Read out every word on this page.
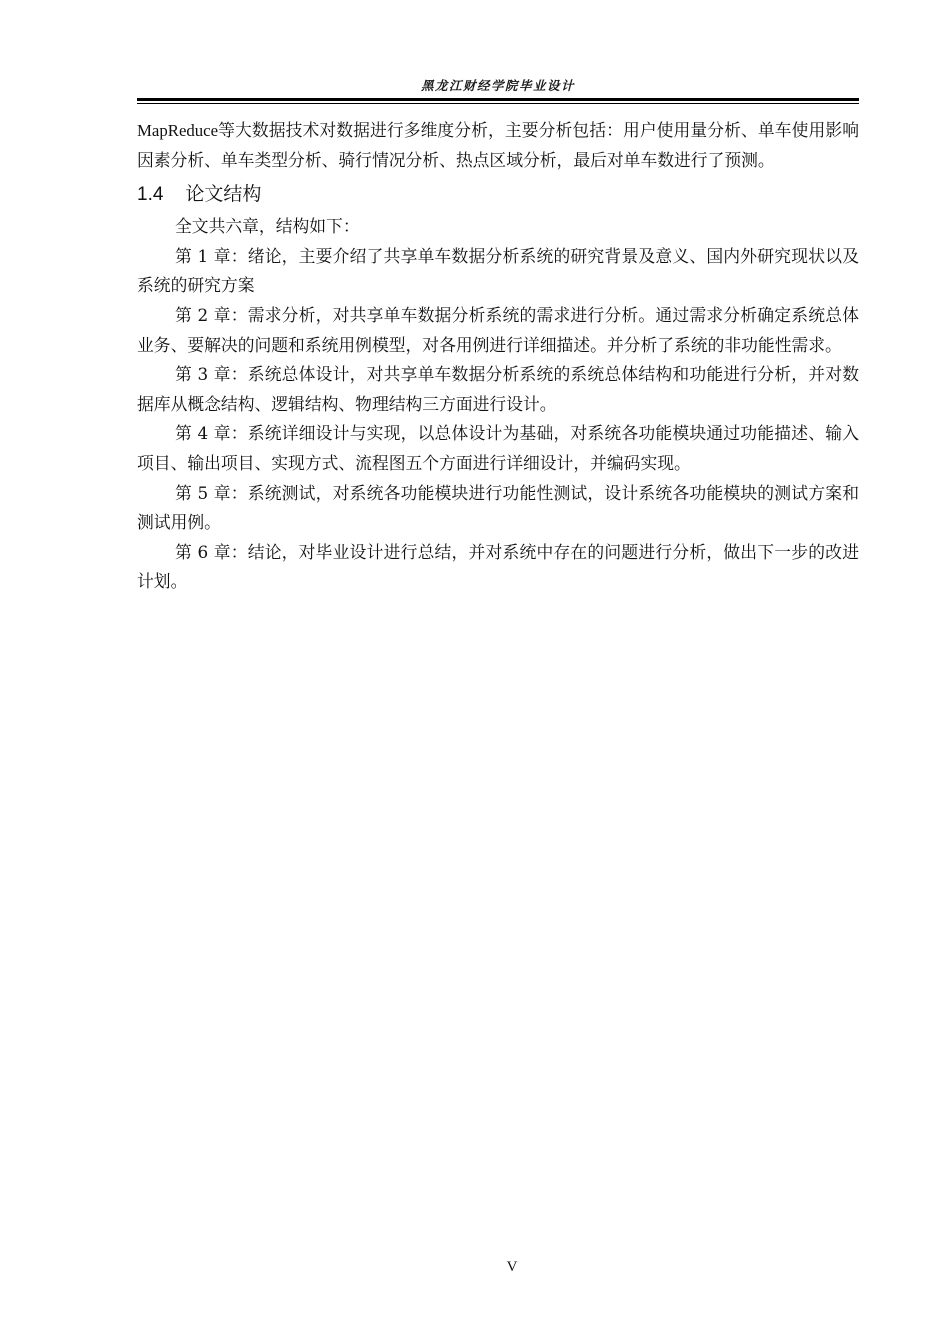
黑龙江财经学院毕业设计

MapReduce等大数据技术对数据进行多维度分析，主要分析包括：用户使用量分析、单车使用影响因素分析、单车类型分析、骑行情况分析、热点区域分析，最后对单车数进行了预测。

1.4 论文结构

全文共六章，结构如下：

第 1 章：绪论，主要介绍了共享单车数据分析系统的研究背景及意义、国内外研究现状以及系统的研究方案

第 2 章：需求分析，对共享单车数据分析系统的需求进行分析。通过需求分析确定系统总体业务、要解决的问题和系统用例模型，对各用例进行详细描述。并分析了系统的非功能性需求。

第 3 章：系统总体设计，对共享单车数据分析系统的系统总体结构和功能进行分析，并对数据库从概念结构、逻辑结构、物理结构三方面进行设计。

第 4 章：系统详细设计与实现，以总体设计为基础，对系统各功能模块通过功能描述、输入项目、输出项目、实现方式、流程图五个方面进行详细设计，并编码实现。

第 5 章：系统测试，对系统各功能模块进行功能性测试，设计系统各功能模块的测试方案和测试用例。

第 6 章：结论，对毕业设计进行总结，并对系统中存在的问题进行分析，做出下一步的改进计划。

V
